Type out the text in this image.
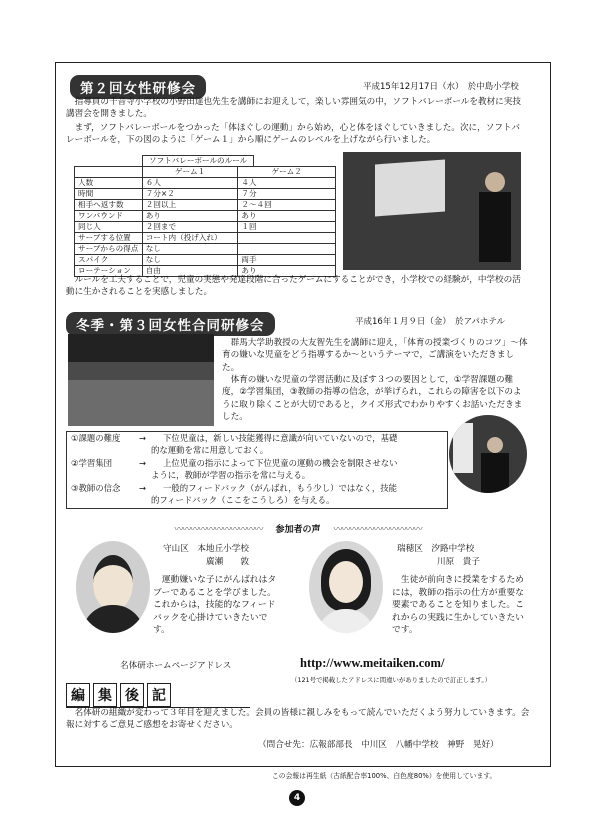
第２回女性研修会	平成15年12月17日（水）　於中島小学校
指導員の千音寺小学校の小野田達也先生を講師にお迎えして，楽しい雰囲気の中，ソフトバレーボールを教材に実技講習会を開きました。
まず，ソフトバレーボールをつかった「体ほぐしの運動」から始め，心と体をほぐしていきました。次に，ソフトバレーボールを，下の図のように「ゲーム１」から順にゲームのレベルを上げながら行いました。
ソフトバレーボールのルール
	ゲーム１	ゲーム２
人数	６人	４人
時間	７分×２	７分
相手へ返す数	２回以上	２～４回
ワンバウンド	あり	あり
同じ人	２回まで	１回
サーブする位置	コート内（投げ入れ）	
サーブからの得点	なし	
スパイク	なし	両手
ローテーション	自由	あり
ルールを工夫することで，児童の実態や発達段階に合ったゲームにすることができ，小学校での経験が，中学校の活動に生かされることを実感しました。
冬季・第３回女性合同研修会	平成16年１月９日（金）　於アパホテル
群馬大学助教授の大友智先生を講師に迎え，「体育の授業づくりのコツ」～体育の嫌いな児童をどう指導するか～というテーマで，ご講演をいただきました。
体育の嫌いな児童の学習活動に及ぼす３つの要因として，①学習課題の難度，②学習集団，③教師の指導の信念，が挙げられ，これらの障害を以下のように取り除くことが大切であると，クイズ形式でわかりやすくお話いただきました。
①課題の難度 → 下位児童は，新しい技能獲得に意識が向いていないので，基礎
的な運動を常に用意しておく。
②学習集団	→ 上位児童の指示によって下位児童の運動の機会を制限させない
ように，教師が学習の指示を常に与える。
③教師の信念 → 一般的フィードバック（がんばれ，もう少し）ではなく，技能
的フィードバック（ここをこうしろ）を与える。
〰〰〰〰〰〰〰〰〰〰〰 参加者の声 〰〰〰〰〰〰〰〰〰〰〰
守山区　本地丘小学校
廣瀬　　敦
運動嫌いな子にがんばれはタブーであることを学びました。これからは，技能的なフィードバックを心掛けていきたいです。
瑞穂区　汐路中学校
川原　貴子
生徒が前向きに授業をするためには，教師の指示の仕方が重要な要素であることを知りました。これからの実践に生かしていきたいです。
名体研ホームページアドレス	http://www.meitaiken.com/
（121号で掲載したアドレスに間違いがありましたので訂正します。）
編 集 後 記
名体研の組織が変わって３年目を迎えました。会員の皆様に親しみをもって読んでいただくよう努力していきます。会報に対するご意見ご感想をお寄せください。
（問合せ先：広報部部長　中川区　八幡中学校　神野　晃好）
この会報は再生紙（古紙配合率100%、白色度80%）を使用しています。
4
